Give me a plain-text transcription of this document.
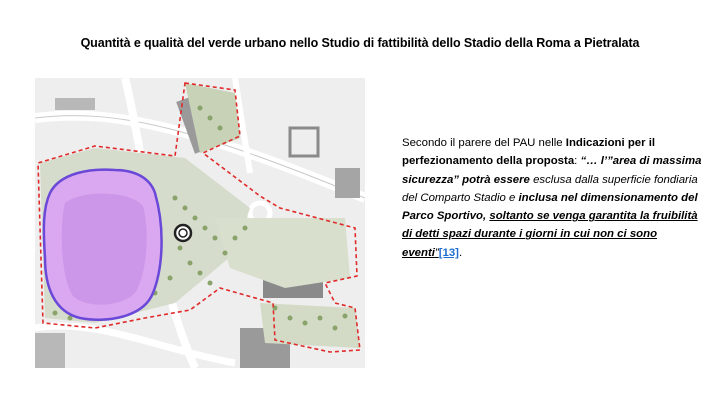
Quantità e qualità del verde urbano nello Studio di fattibilità dello Stadio della Roma a Pietralata
Secondo il parere del PAU nelle Indicazioni per il perfezionamento della proposta: “… l’”area di massima sicurezza” potrà essere esclusa dalla superficie fondiaria del Comparto Stadio e inclusa nel dimensionamento del Parco Sportivo, soltanto se venga garantita la fruibilità di detti spazi durante i giorni in cui non ci sono eventi”[13].
